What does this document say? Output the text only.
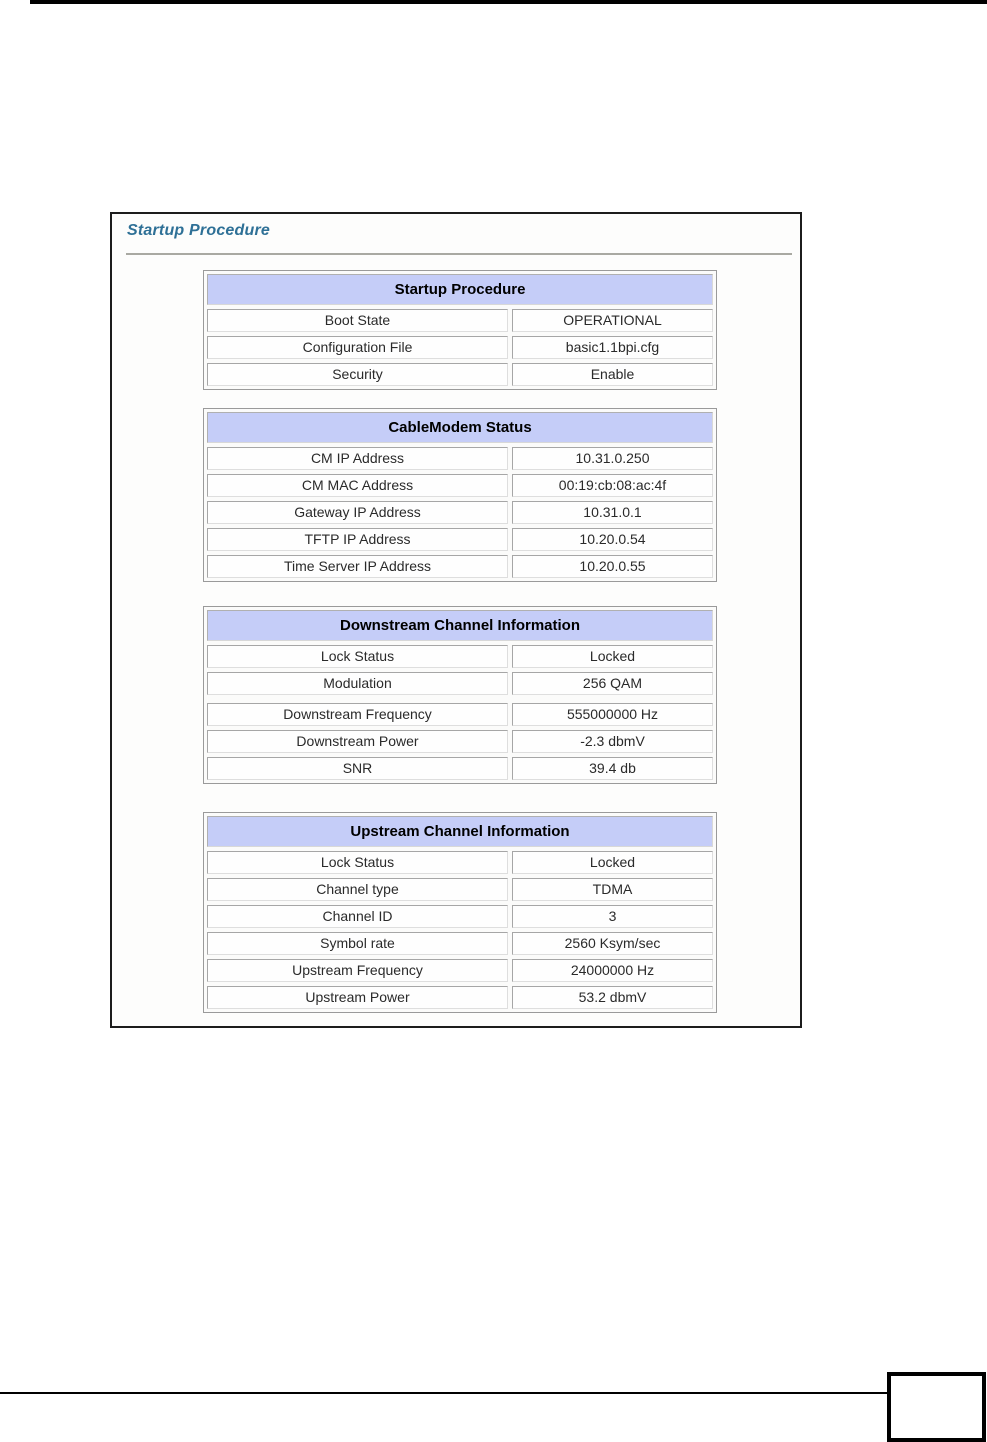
Startup Procedure
Startup Procedure
Boot State	OPERATIONAL
Configuration File	basic1.1bpi.cfg
Security	Enable
CableModem Status
CM IP Address	10.31.0.250
CM MAC Address	00:19:cb:08:ac:4f
Gateway IP Address	10.31.0.1
TFTP IP Address	10.20.0.54
Time Server IP Address	10.20.0.55
Downstream Channel Information
Lock Status	Locked
Modulation	256 QAM
Downstream Frequency	555000000 Hz
Downstream Power	-2.3 dbmV
SNR	39.4 db
Upstream Channel Information
Lock Status	Locked
Channel type	TDMA
Channel ID	3
Symbol rate	2560 Ksym/sec
Upstream Frequency	24000000 Hz
Upstream Power	53.2 dbmV
